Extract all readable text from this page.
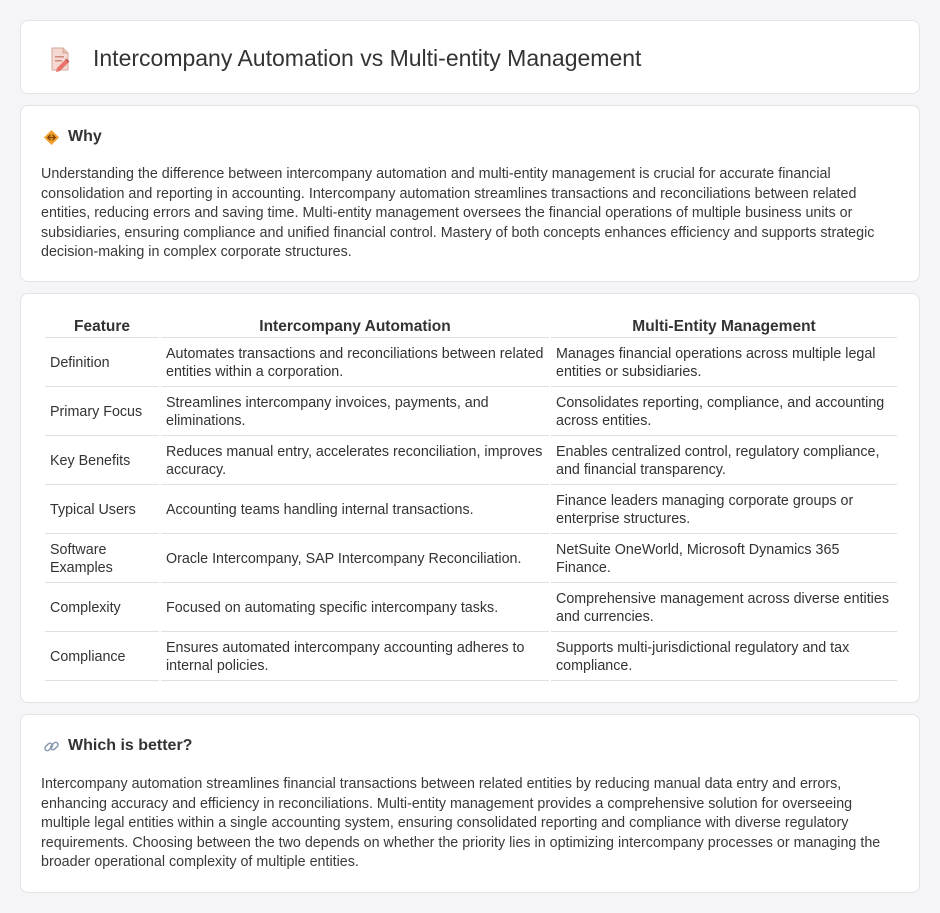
Intercompany Automation vs Multi-entity Management
Why

Understanding the difference between intercompany automation and multi-entity management is crucial for accurate financial consolidation and reporting in accounting. Intercompany automation streamlines transactions and reconciliations between related entities, reducing errors and saving time. Multi-entity management oversees the financial operations of multiple business units or subsidiaries, ensuring compliance and unified financial control. Mastery of both concepts enhances efficiency and supports strategic decision-making in complex corporate structures.

Feature	Intercompany Automation	Multi-Entity Management
Definition	Automates transactions and reconciliations between related entities within a corporation.	Manages financial operations across multiple legal entities or subsidiaries.
Primary Focus	Streamlines intercompany invoices, payments, and eliminations.	Consolidates reporting, compliance, and accounting across entities.
Key Benefits	Reduces manual entry, accelerates reconciliation, improves accuracy.	Enables centralized control, regulatory compliance, and financial transparency.
Typical Users	Accounting teams handling internal transactions.	Finance leaders managing corporate groups or enterprise structures.
Software Examples	Oracle Intercompany, SAP Intercompany Reconciliation.	NetSuite OneWorld, Microsoft Dynamics 365 Finance.
Complexity	Focused on automating specific intercompany tasks.	Comprehensive management across diverse entities and currencies.
Compliance	Ensures automated intercompany accounting adheres to internal policies.	Supports multi-jurisdictional regulatory and tax compliance.
Which is better?

Intercompany automation streamlines financial transactions between related entities by reducing manual data entry and errors, enhancing accuracy and efficiency in reconciliations. Multi-entity management provides a comprehensive solution for overseeing multiple legal entities within a single accounting system, ensuring consolidated reporting and compliance with diverse regulatory requirements. Choosing between the two depends on whether the priority lies in optimizing intercompany processes or managing the broader operational complexity of multiple entities.
